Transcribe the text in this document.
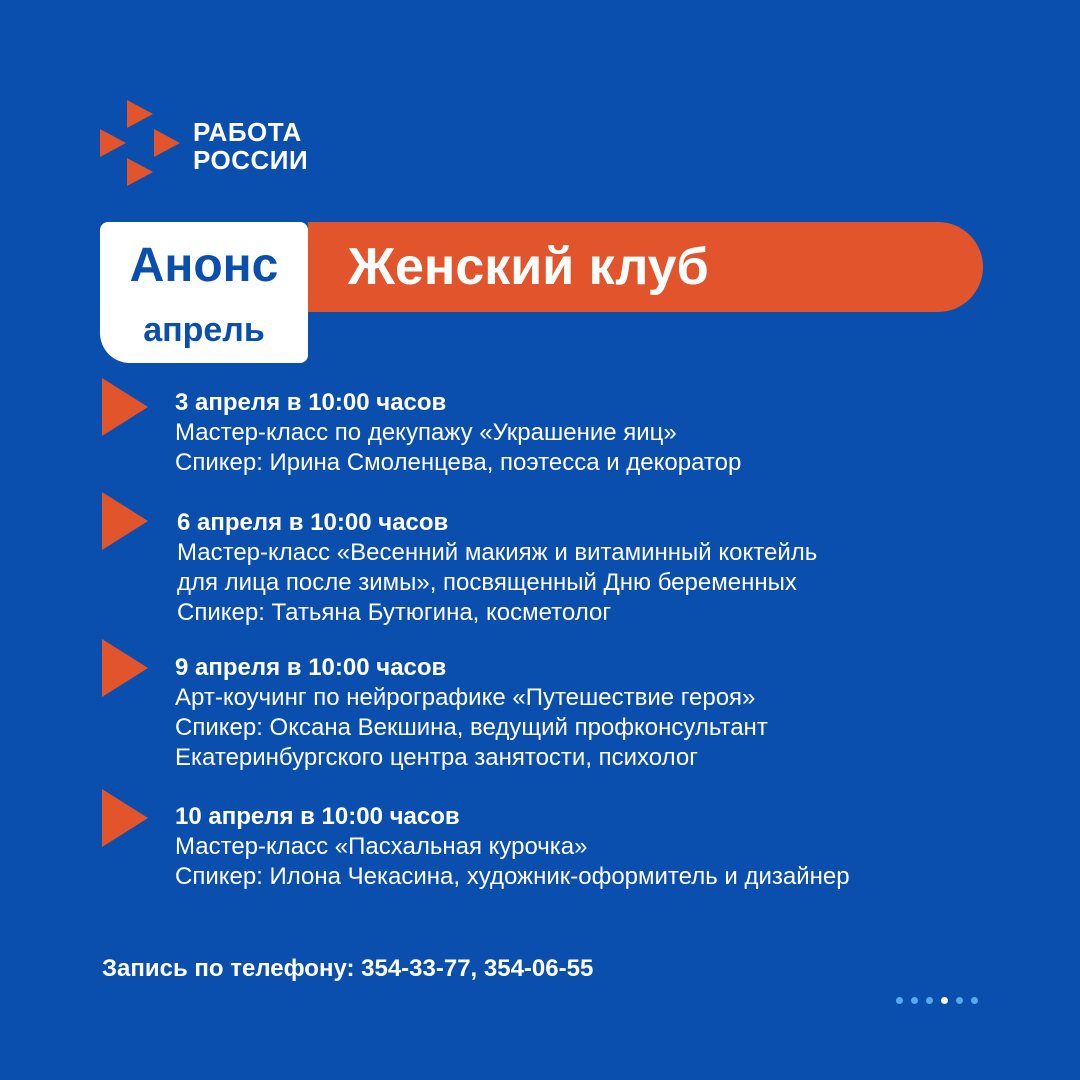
РАБОТА
РОССИИ
Женский клуб
Анонс
апрель
3 апреля в 10:00 часов
Мастер-класс по декупажу «Украшение яиц»
Спикер: Ирина Смоленцева, поэтесса и декоратор
6 апреля в 10:00 часов
Мастер-класс «Весенний макияж и витаминный коктейль
для лица после зимы», посвященный Дню беременных
Спикер: Татьяна Бутюгина, косметолог
9 апреля в 10:00 часов
Арт-коучинг по нейрографике «Путешествие героя»
Спикер: Оксана Векшина, ведущий профконсультант
Екатеринбургского центра занятости, психолог
10 апреля в 10:00 часов
Мастер-класс «Пасхальная курочка»
Спикер: Илона Чекасина, художник-оформитель и дизайнер
Запись по телефону: 354-33-77, 354-06-55
